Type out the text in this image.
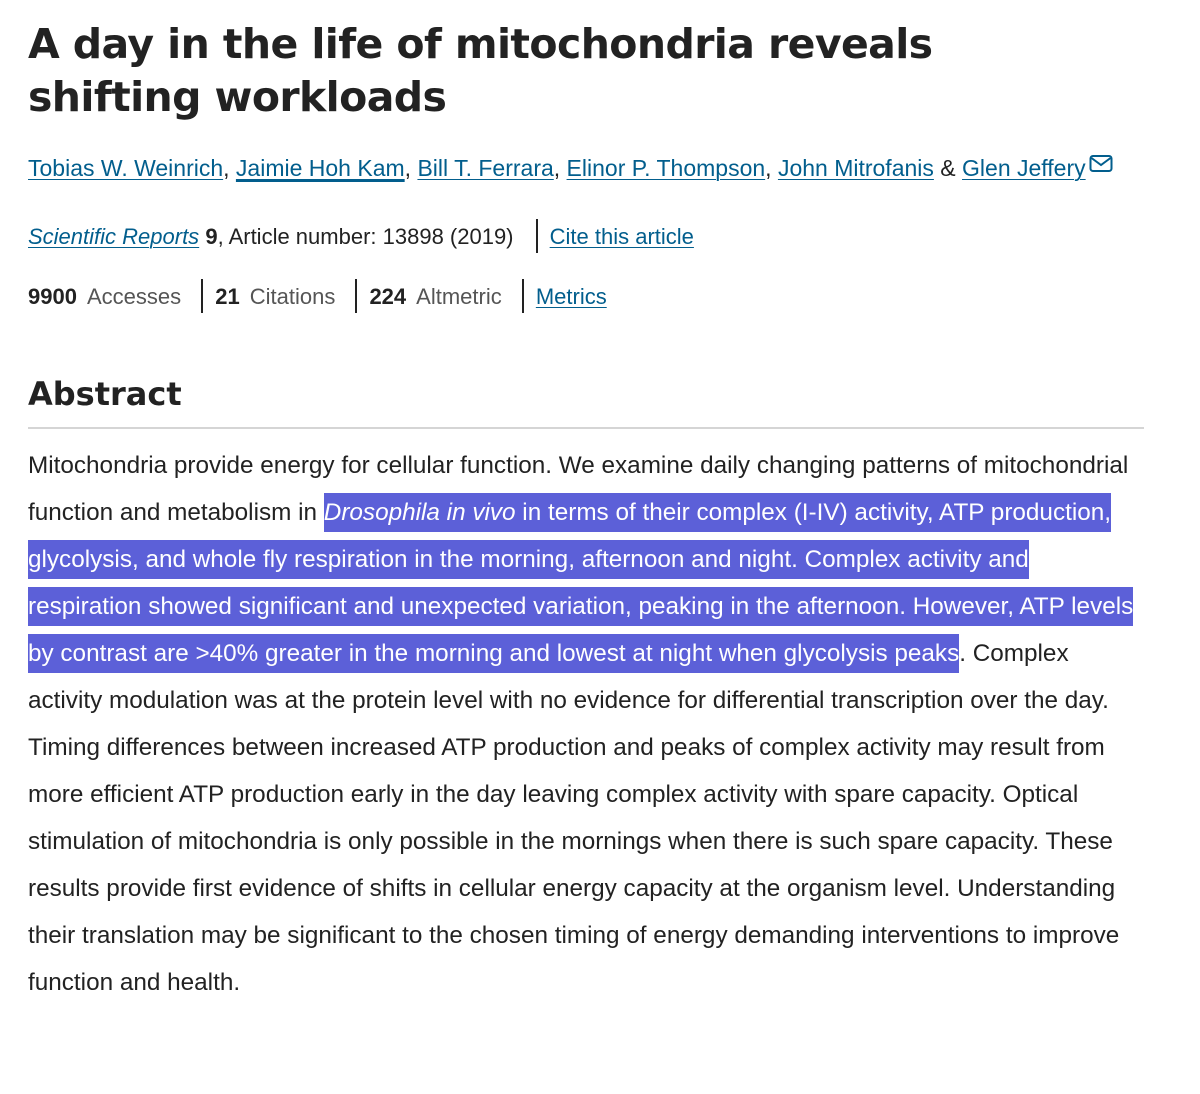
A day in the life of mitochondria reveals shifting workloads
Tobias W. Weinrich, Jaimie Hoh Kam, Bill T. Ferrara, Elinor P. Thompson, John Mitrofanis & Glen Jeffery
Scientific Reports 9, Article number: 13898 (2019) Cite this article
9900 Accesses 21 Citations 224 Altmetric Metrics
Abstract

Mitochondria provide energy for cellular function. We examine daily changing patterns of mitochondrial function and metabolism in Drosophila in vivo in terms of their complex (I-IV) activity, ATP production, glycolysis, and whole fly respiration in the morning, afternoon and night. Complex activity and respiration showed significant and unexpected variation, peaking in the afternoon. However, ATP levels by contrast are >40% greater in the morning and lowest at night when glycolysis peaks. Complex activity modulation was at the protein level with no evidence for differential transcription over the day. Timing differences between increased ATP production and peaks of complex activity may result from more efficient ATP production early in the day leaving complex activity with spare capacity. Optical stimulation of mitochondria is only possible in the mornings when there is such spare capacity. These results provide first evidence of shifts in cellular energy capacity at the organism level. Understanding their translation may be significant to the chosen timing of energy demanding interventions to improve function and health.
